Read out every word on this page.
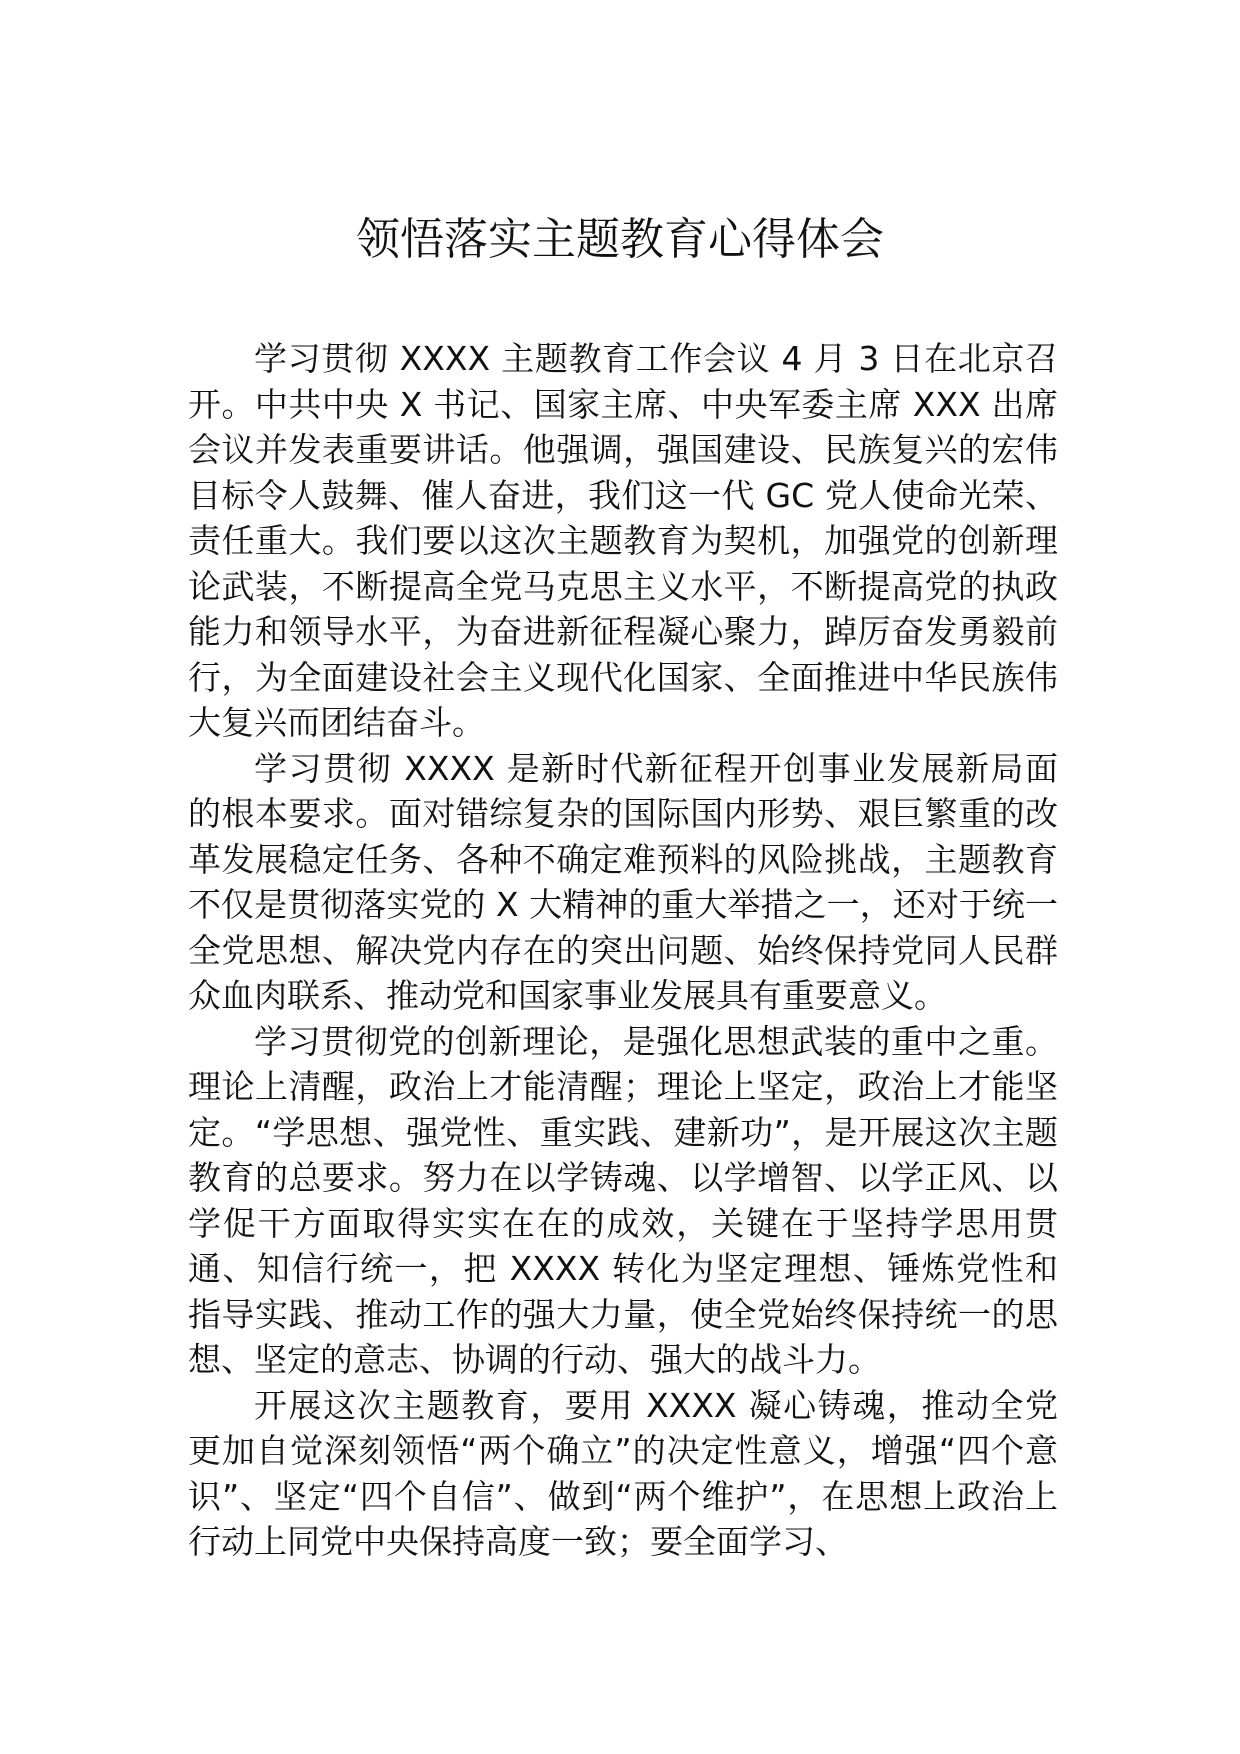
领悟落实主题教育心得体会

学习贯彻 XXXX 主题教育工作会议 4 月 3 日在北京召开。中共中央 X 书记、国家主席、中央军委主席 XXX 出席会议并发表重要讲话。他强调，强国建设、民族复兴的宏伟目标令人鼓舞、催人奋进，我们这一代 GC 党人使命光荣、责任重大。我们要以这次主题教育为契机，加强党的创新理论武装，不断提高全党马克思主义水平，不断提高党的执政能力和领导水平，为奋进新征程凝心聚力，踔厉奋发勇毅前行，为全面建设社会主义现代化国家、全面推进中华民族伟大复兴而团结奋斗。

学习贯彻 XXXX 是新时代新征程开创事业发展新局面的根本要求。面对错综复杂的国际国内形势、艰巨繁重的改革发展稳定任务、各种不确定难预料的风险挑战，主题教育不仅是贯彻落实党的 X 大精神的重大举措之一，还对于统一全党思想、解决党内存在的突出问题、始终保持党同人民群众血肉联系、推动党和国家事业发展具有重要意义。

学习贯彻党的创新理论，是强化思想武装的重中之重。理论上清醒，政治上才能清醒；理论上坚定，政治上才能坚定。“学思想、强党性、重实践、建新功”，是开展这次主题教育的总要求。努力在以学铸魂、以学增智、以学正风、以学促干方面取得实实在在的成效，关键在于坚持学思用贯通、知信行统一，把 XXXX 转化为坚定理想、锤炼党性和指导实践、推动工作的强大力量，使全党始终保持统一的思想、坚定的意志、协调的行动、强大的战斗力。

开展这次主题教育，要用 XXXX 凝心铸魂，推动全党更加自觉深刻领悟“两个确立”的决定性意义，增强“四个意识”、坚定“四个自信”、做到“两个维护”，在思想上政治上行动上同党中央保持高度一致；要全面学习、
